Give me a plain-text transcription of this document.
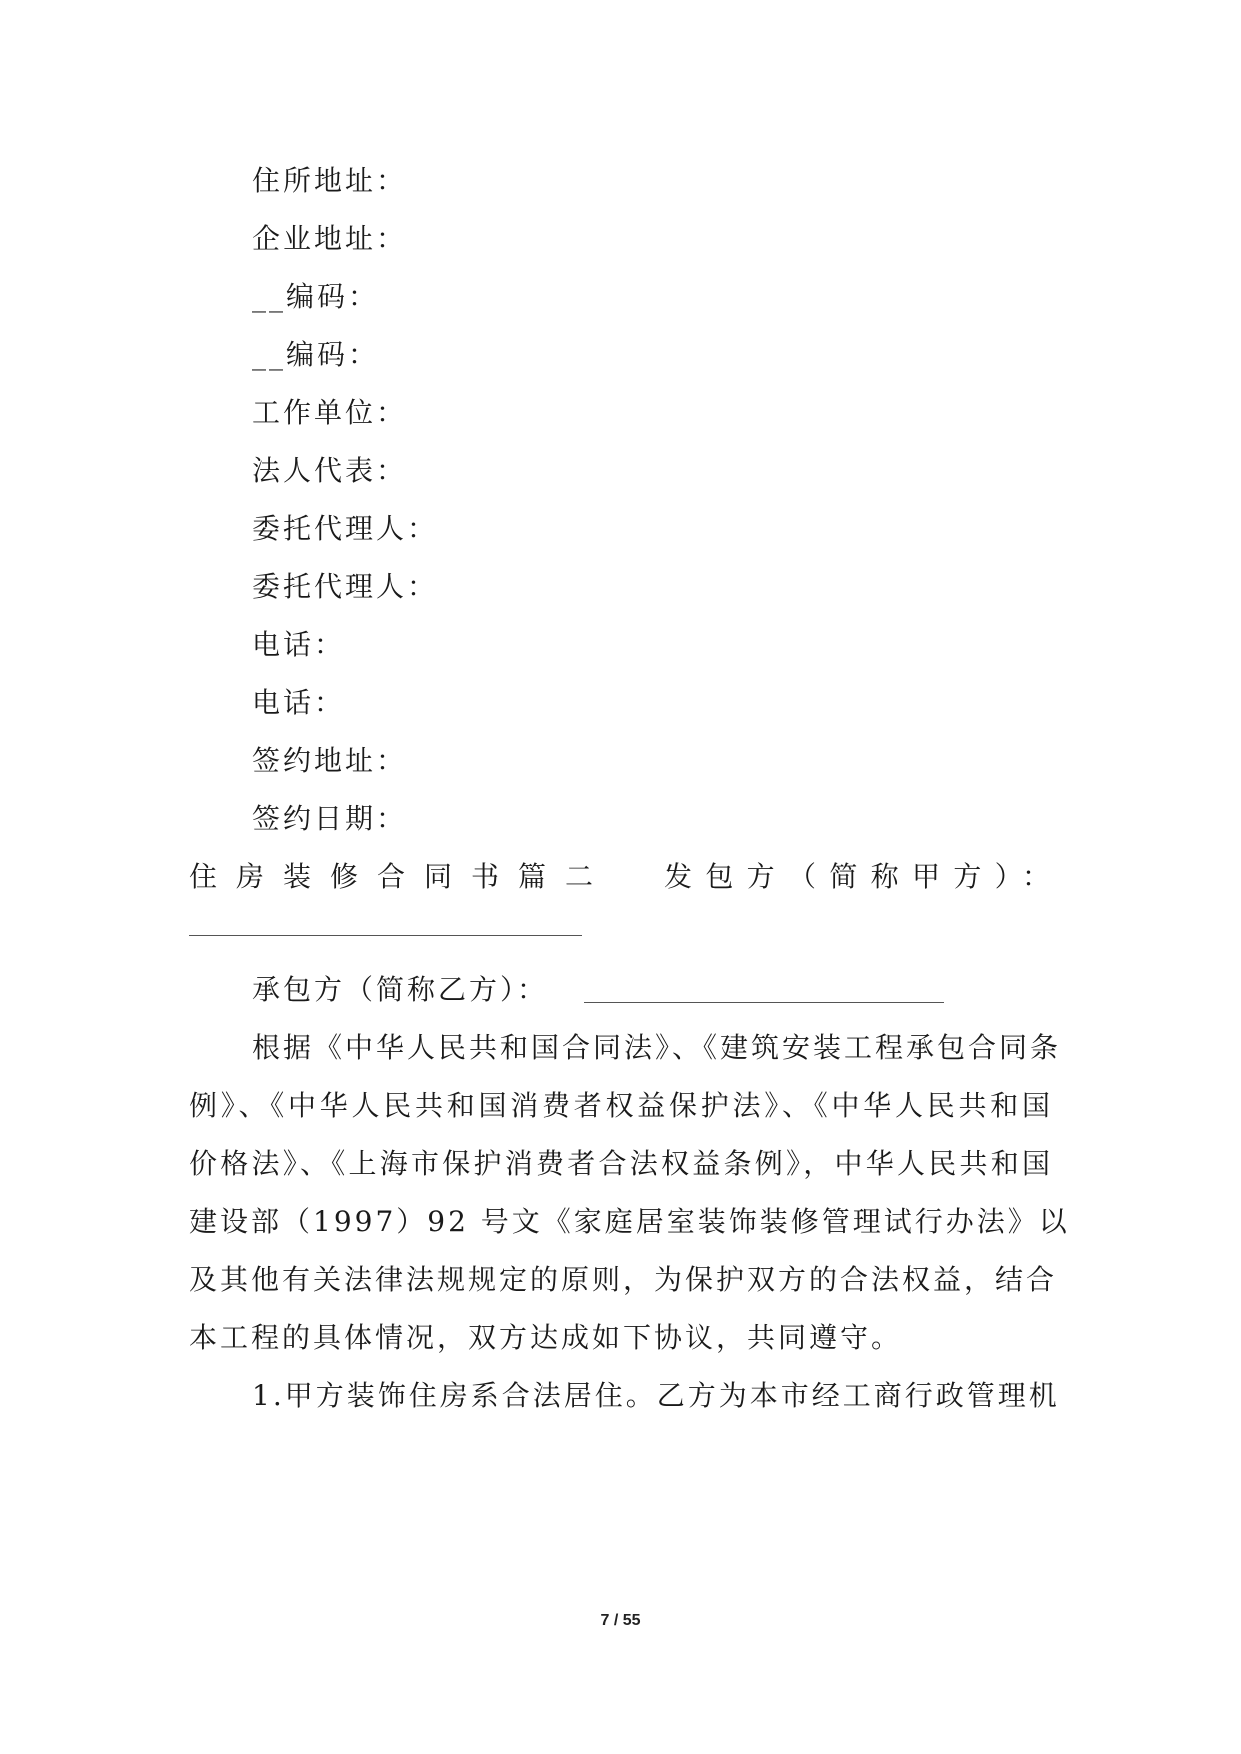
住所地址：
企业地址：
__编码：
__编码：
工作单位：
法人代表：
委托代理人：
委托代理人：
电话：
电话：
签约地址：
签约日期：
住房装修合同书篇二 发包方（简称甲方）：
承包方（简称乙方）：
根据《中华人民共和国合同法》、《建筑安装工程承包合同条
例》、《中华人民共和国消费者权益保护法》、《中华人民共和国
价格法》、《上海市保护消费者合法权益条例》，中华人民共和国
建设部（1997）92 号文《家庭居室装饰装修管理试行办法》以
及其他有关法律法规规定的原则，为保护双方的合法权益，结合
本工程的具体情况，双方达成如下协议，共同遵守。
1.甲方装饰住房系合法居住。乙方为本市经工商行政管理机
7 / 55
